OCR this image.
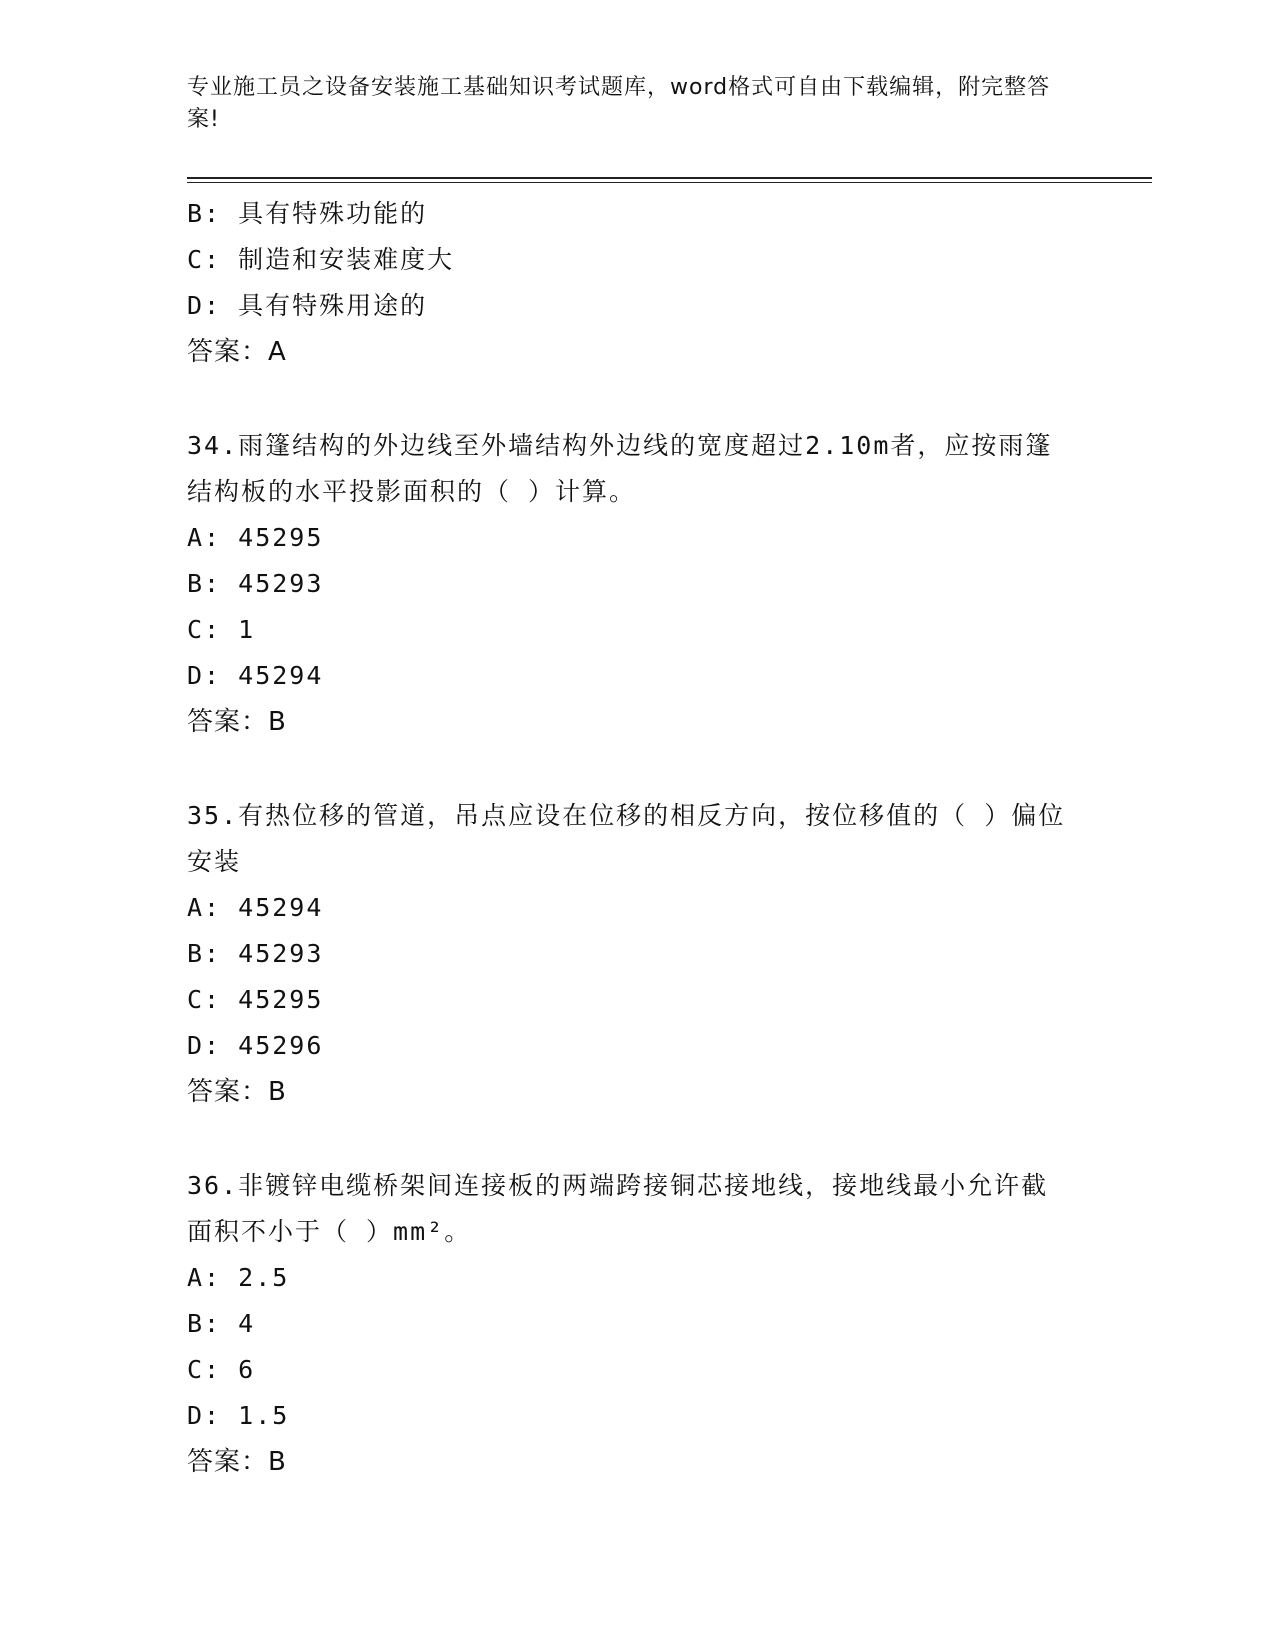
专业施工员之设备安装施工基础知识考试题库，word格式可自由下载编辑，附完整答案!
B: 具有特殊功能的
C: 制造和安装难度大
D: 具有特殊用途的
答案：A
34.雨篷结构的外边线至外墙结构外边线的宽度超过2.10m者，应按雨篷结构板的水平投影面积的（ ）计算。
A: 45295
B: 45293
C: 1
D: 45294
答案：B
35.有热位移的管道，吊点应设在位移的相反方向，按位移值的（ ）偏位安装
A: 45294
B: 45293
C: 45295
D: 45296
答案：B
36.非镀锌电缆桥架间连接板的两端跨接铜芯接地线，接地线最小允许截面积不小于（ ）mm²。
A: 2.5
B: 4
C: 6
D: 1.5
答案：B
